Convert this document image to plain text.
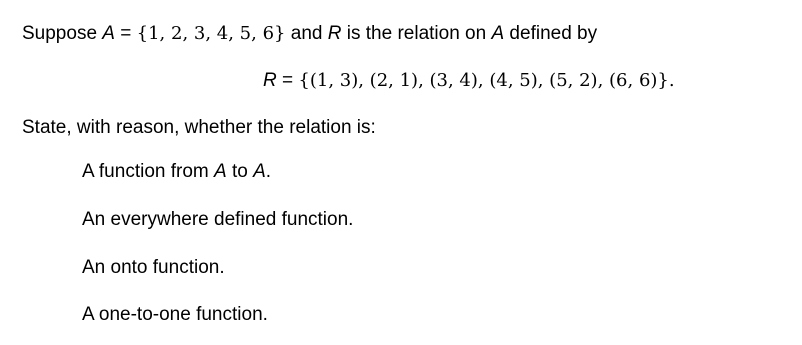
Suppose A = {1, 2, 3, 4, 5, 6} and R is the relation on A defined by
R = {(1, 3), (2, 1), (3, 4), (4, 5), (5, 2), (6, 6)}.
State, with reason, whether the relation is:
A function from A to A.
An everywhere defined function.
An onto function.
A one-to-one function.
